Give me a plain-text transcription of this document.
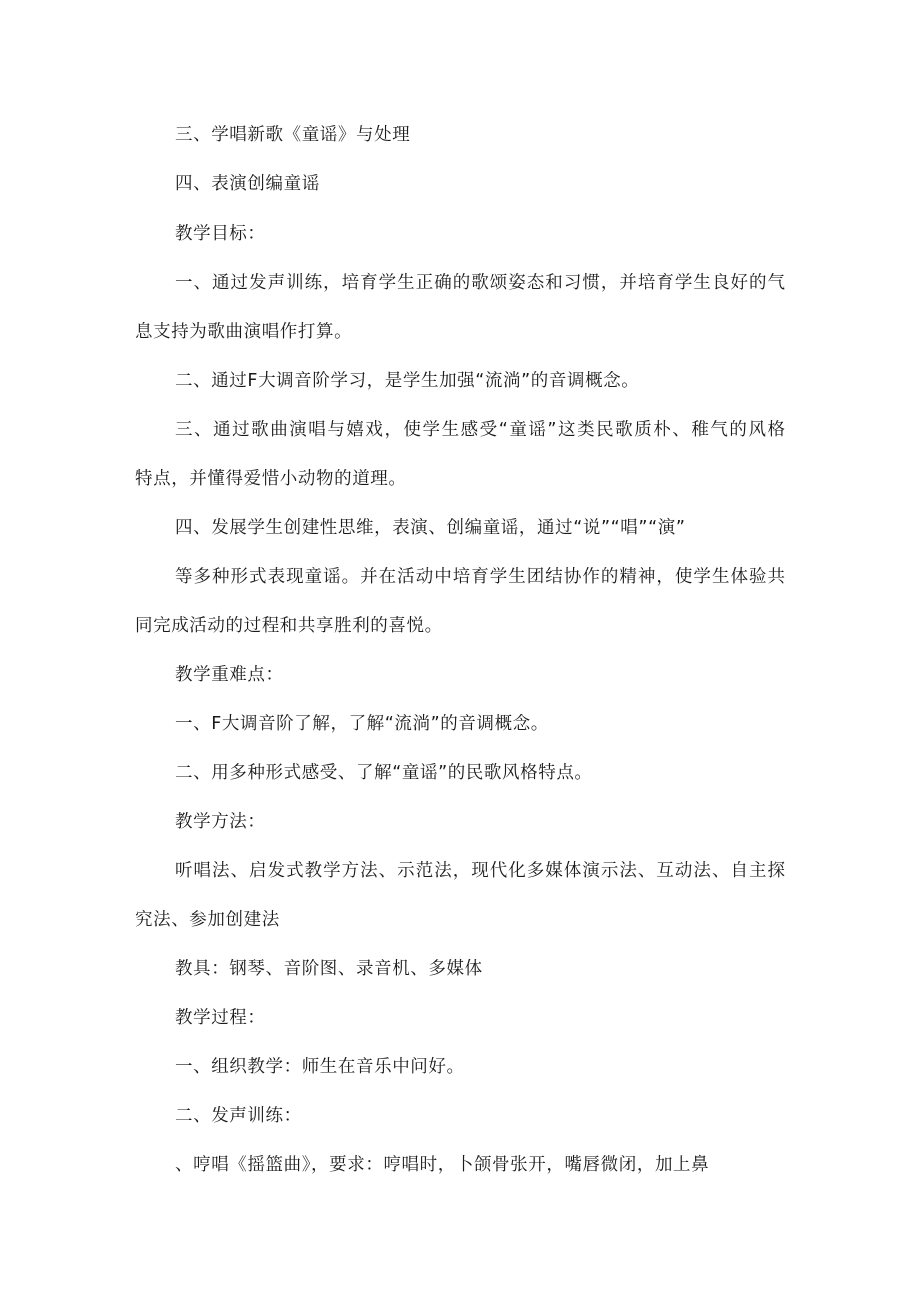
三、学唱新歌《童谣》与处理
四、表演创编童谣
教学目标：
一、通过发声训练，培育学生正确的歌颂姿态和习惯，并培育学生良好的气
息支持为歌曲演唱作打算。
二、通过F大调音阶学习，是学生加强“流淌”的音调概念。
三、通过歌曲演唱与嬉戏，使学生感受“童谣”这类民歌质朴、稚气的风格
特点，并懂得爱惜小动物的道理。
四、发展学生创建性思维，表演、创编童谣，通过“说”“唱”“演”
等多种形式表现童谣。并在活动中培育学生团结协作的精神，使学生体验共
同完成活动的过程和共享胜利的喜悦。
教学重难点：
一、F大调音阶了解，了解“流淌”的音调概念。
二、用多种形式感受、了解“童谣”的民歌风格特点。
教学方法：
听唱法、启发式教学方法、示范法，现代化多媒体演示法、互动法、自主探
究法、参加创建法
教具：钢琴、音阶图、录音机、多媒体
教学过程：
一、组织教学：师生在音乐中问好。
二、发声训练：
、哼唱《摇篮曲》，要求：哼唱时，卜颌骨张开，嘴唇微闭，加上鼻
